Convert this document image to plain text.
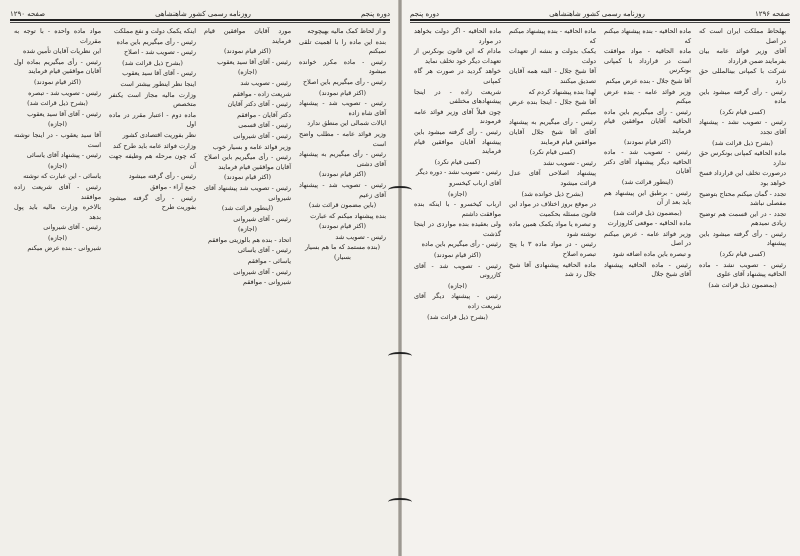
صفحه ۱۲۹۶
روزنامه رسمی کشور شاهنشاهی
دوره پنجم

بهلحاظ مملکت ایران است که در اصل

آقای وزیر فوائد عامه بیان بفرمایند ضمن قرارداد

شرکت با کمپانی بینالمللی حق دارد

رئیس - رأی گرفته میشود باین ماده

(کسی قیام نکرد)

رئیس - تصویب نشد - پیشنهاد آقای تجدد

(بشرح ذیل قرائت شد)

ماده الحاقیه کمپانی بونکرس حق ندارد

درصورت تخلف این قرارداد فسخ خواهد بود

تجدد - گمان میکنم محتاج بتوضیح مفصلی نباشد

تجدد - در این قسمت هم توضیح زیادی نمیدهم

رئیس - رأی گرفته میشود باین پیشنهاد

(کسی قیام نکرد)

رئیس - تصویب نشد - ماده الحاقیه پیشنهاد آقای علوی

(بمضمون ذیل قرائت شد)

ماده الحاقیه - بنده پیشنهاد میکنم که

ماده الحاقیه - مواد موافقت است در قرارداد با کمپانی بونکرس

آقا شیخ جلال - بنده عرض میکنم

وزیر فوائد عامه - بنده عرض میکنم

رئیس - رأی میگیریم باین ماده الحاقیه آقایان موافقین قیام فرمایند

(اکثر قیام نمودند)

رئیس - تصویب شد - ماده الحاقیه دیگر پیشنهاد آقای دکتر آقایان

(اینطور قرائت شد)

رئیس - برطبق این پیشنهاد هم باید بعد از آن

(بمضمون ذیل قرائت شد)

ماده الحاقیه - موقعی کاروزارت

وزیر فوائد عامه - عرض میکنم در اصل

و تبصره باین ماده اضافه شود

رئیس - ماده الحاقیه پیشنهاد آقای شیخ جلال

ماده الحاقیه - بنده پیشنهاد میکنم که

یکمک بدولت و بنشه از تعهدات دولت

آقا شیخ جلال - البته همه آقایان تصدیق میکنند

لهذا بنده پیشنهاد کردم که

آقا شیخ جلال - اینجا بنده عرض میکنم

رئیس - رأی میگیریم به پیشنهاد آقای آقا شیخ جلال آقایان موافقین قیام فرمایند

(کسی قیام نکرد)

رئیس - تصویب نشد

پیشنهاد اصلاحی آقای عدل قرائت میشود

(بشرح ذیل خوانده شد)

در موقع بروز اختلاف در مواد این قانون مسئله بحکمیت

و تبصره یا مواد یکمک همین ماده نوشته شود

رئیس - در مواد ماده ۳ با پنج تبصره اصلاح

ماده الحاقیه پیشنهادی آقا شیخ جلال رد شد

ماده الحاقیه - اگر دولت بخواهد در موارد

مادام که این قانون بونکرس از تعهدات دیگر خود تخلف نماید

خواهد گردید در صورت هر گاه کمپانی

شریعت زاده - در اینجا پیشنهادهای مختلفی

چون قبلاً آقای وزیر فوائد عامه فرمودند

رئیس - رأی گرفته میشود باین پیشنهاد آقایان موافقین قیام فرمایند

(کسی قیام نکرد)

رئیس - تصویب نشد - دوره دیگر

آقای ارباب کیخسرو

(اجازه)

ارباب کیخسرو - با اینکه بنده موافقت داشتم

ولی بعقیده بنده مواردی در اینجا گذشت

رئیس - رأی میگیریم باین ماده

(اکثر قیام نمودند)

رئیس - تصویب شد - آقای کازرونی

(اجازه)

رئیس - پیشنهاد دیگر آقای شریعت زاده

(بشرح ذیل قرائت شد)

دوره پنجم
روزنامه رسمی کشور شاهنشاهی
صفحه ۱۲۹۰

و از لحاظ کمک مالیه بهیچوجه

بنده این ماده را با اهمیت تلقی نمیکنم

رئیس - ماده مکرر خوانده میشود

رئیس - رأی میگیریم باین اصلاح

(اکثر قیام نمودند)

رئیس - تصویب شد - پیشنهاد آقای شاه زاده

ایالات شمالی این منطق ندارد

وزیر فوائد عامه - مطلب واضح است

رئیس - رأی میگیریم به پیشنهاد آقای دشتی

(اکثر قیام نمودند)

رئیس - تصویب شد - پیشنهاد آقای زعیم

(باین مضمون قرائت شد)

بنده پیشنهاد میکنم که عبارت

(اکثر قیام نمودند)

رئیس - تصویب شد

(بنده مستمد که ما هم بسیار بسیار)

مورد آقایان موافقین قیام فرمایند

(اکثر قیام نمودند)

رئیس - آقای آقا سید یعقوب

(اجازه)

رئیس - تصویب شد

شریعت زاده - موافقم

رئیس - آقای دکتر آقایان

دکتر آقایان - موافقم

رئیس - آقای قسمی

رئیس - آقای شیروانی

وزیر فوائد عامه و بسیار خوب

رئیس - رأی میگیریم باین اصلاح آقایان موافقین قیام فرمایند

(اکثر قیام نمودند)

رئیس - تصویب شد پیشنهاد آقای شیروانی

(اینطور قرائت شد)

رئیس - آقای شیروانی

(اجازه)

اتحاد - بنده هم بالوزیتی موافقم

رئیس - آقای یاسائی

یاسائی - موافقم

رئیس - آقای شیروانی

شیروانی - موافقم

اینکه یکمک دولت و نفع مملکت

رئیس - رأی میگیریم باین ماده

رئیس - تصویب شد - اصلاح

(بشرح ذیل قرائت شد)

رئیس - آقای آقا سید یعقوب

اینجا نظر اینطور بیشتر است

وزارت مالیه مجاز است یکنفر متخصص

ماده دوم - اعتبار مقرر در ماده اول

نظر بفوریت اقتصادی کشور

وزارت فوائد عامه باید طرح کند

که چون مرحله هم وظیفه جهت آن

رئیس - رأی گرفته میشود

جمع آراء - موافق

رئیس - رأی گرفته میشود بفوریت طرح

مواد ماده واحده - با توجه به مقررات

این نظریات آقایان تأمین شده

رئیس - رأی میگیریم بماده اول آقایان موافقین قیام فرمایند

(اکثر قیام نمودند)

رئیس - تصویب شد - تبصره

(بشرح ذیل قرائت شد)

رئیس - آقای آقا سید یعقوب

(اجازه)

آقا سید یعقوب - در اینجا نوشته است

رئیس - پیشنهاد آقای یاسائی

(اجازه)

یاسائی - این عبارت که نوشته

رئیس - آقای شریعت زاده موافقند

بالاخره وزارت مالیه باید پول بدهد

رئیس - آقای شیروانی

(اجازه)

شیروانی - بنده عرض میکنم
